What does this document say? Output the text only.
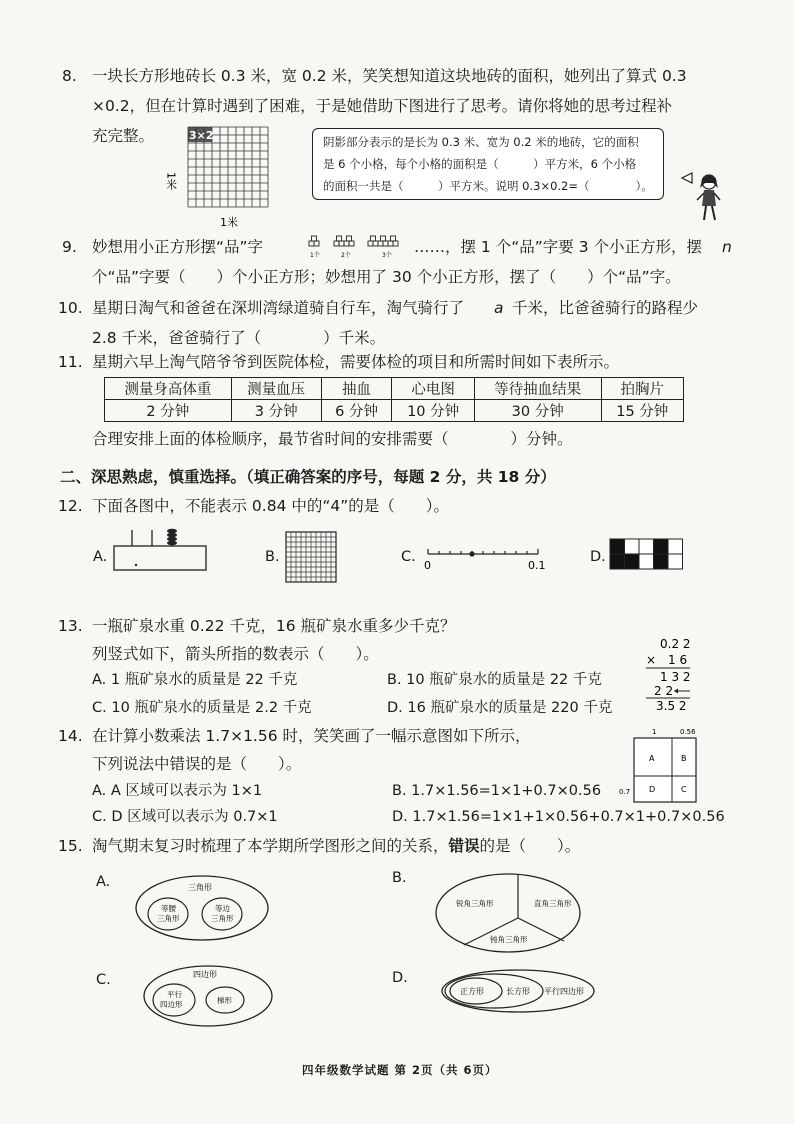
8. 一块长方形地砖长 0.3 米，宽 0.2 米，笑笑想知道这块地砖的面积，她列出了算式 0.3
×0.2，但在计算时遇到了困难，于是她借助下图进行了思考。请你将她的思考过程补
充完整。	3×2
1米
1米
阴影部分表示的是长为 0.3 米、宽为 0.2 米的地砖，它的面积
是 6 个小格，每个小格的面积是（　　　）平方米，6 个小格
的面积一共是（　　　）平方米。说明 0.3×0.2=（　　　　）。
9. 妙想用小正方形摆“品”字	1个	2个	3个 ……，摆 1 个“品”字要 3 个小正方形，摆 n
个“品”字要（　　）个小正方形；妙想用了 30 个小正方形，摆了（　　）个“品”字。
10. 星期日淘气和爸爸在深圳湾绿道骑自行车，淘气骑行了 a 千米，比爸爸骑行的路程少
2.8 千米，爸爸骑行了（　　　　）千米。
11. 星期六早上淘气陪爷爷到医院体检，需要体检的项目和所需时间如下表所示。
测量身高体重	测量血压	抽血	心电图	等待抽血结果	拍胸片
2 分钟	3 分钟	6 分钟	10 分钟	30 分钟	15 分钟
合理安排上面的体检顺序，最节省时间的安排需要（　　　　）分钟。
二、深思熟虑，慎重选择。（填正确答案的序号，每题 2 分，共 18 分）
12. 下面各图中，不能表示 0.84 中的“4”的是（　　）。
A.	B.	C.
0	0.1
D.
13. 一瓶矿泉水重 0.22 千克，16 瓶矿泉水重多少千克？
列竖式如下，箭头所指的数表示（　　）。
A. 1 瓶矿泉水的质量是 22 千克	B. 10 瓶矿泉水的质量是 22 千克
C. 10 瓶矿泉水的质量是 2.2 千克	D. 16 瓶矿泉水的质量是 220 千克
0.2 2
×　1 6
1 3 2
2 2
3.5 2
14. 在计算小数乘法 1.7×1.56 时，笑笑画了一幅示意图如下所示，
下列说法中错误的是（　　）。
A. A 区域可以表示为 1×1	B. 1.7×1.56=1×1+0.7×0.56
C. D 区域可以表示为 0.7×1	D. 1.7×1.56=1×1+1×0.56+0.7×1+0.7×0.56
1	0.56
0.7
A	B
D	C
15. 淘气期末复习时梳理了本学期所学图形之间的关系，错误的是（　　）。
A.	三角形
等腰
三角形
等边
三角形
B.
锐角三角形	直角三角形
钝角三角形
C.	四边形
平行
四边形	梯形
D.
正方形	长方形 平行四边形
四年级数学试题 第 2页（共 6页）
